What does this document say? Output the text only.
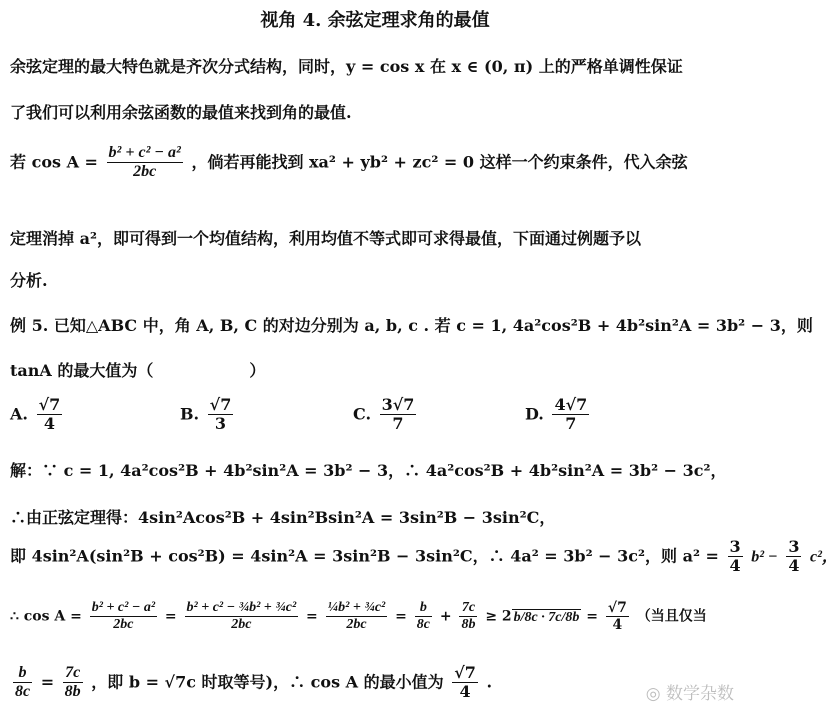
视角 4. 余弦定理求角的最值
余弦定理的最大特色就是齐次分式结构，同时，y = cos x 在 x ∈ (0, π) 上的严格单调性保证
了我们可以利用余弦函数的最值来找到角的最值.
若 $\cos A = \frac{\text{b² + c² − a²}}{2bc}$ ，倘若再能找到 xa² + yb² + zc² = 0 这样一个约束条件，代入余弦
定理消掉 a²，即可得到一个均值结构，利用均值不等式即可求得最值，下面通过例题予以
分析.
例 5. 已知△ABC 中，角 A, B, C 的对边分别为 a, b, c . 若 c = 1, 4a²cos²B + 4b²sin²A = 3b² − 3，则
tanA 的最大值为（　　　　　　）
A. $\frac{√7}{4}$	B. $\frac{√7}{3}$	C. $\frac{3√7}{7}$	D. $\frac{4√7}{7}$
解：∵ c = 1, 4a²cos²B + 4b²sin²A = 3b² − 3，∴ 4a²cos²B + 4b²sin²A = 3b² − 3c²，
∴由正弦定理得：4sin²Acos²B + 4sin²Bsin²A = 3sin²B − 3sin²C，
即 4sin²A(sin²B + cos²B) = 4sin²A = 3sin²B − 3sin²C，∴ 4a² = 3b² − 3c²，则 $a^2 = \frac{3}{4} b^2 - \frac{3}{4} c^2$，
∴ $\cos A = \frac{\text{b² + c² − a²}}{2bc} = \frac{\text{b² + c² − ¾b² + ¾c²}}{2bc} = \frac{\text{¼b² + ¾c²}}{2bc} = \frac{b}{8c} + \frac{7c}{8b} \ge 2$ $b/8c \cdot 7c/8b = \frac{√7}{4}$ （当且仅当
$\frac{b}{8c} = \frac{7c}{8b}$ ，即 b = √7c 时取等号)，∴ cos A 的最小值为 $\frac{√7}{4}$ .
◎ 数学杂数
